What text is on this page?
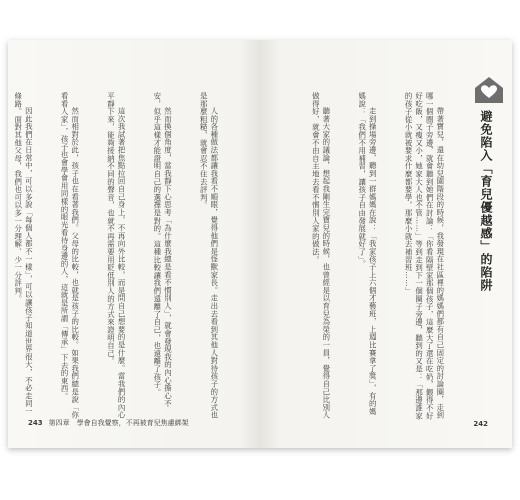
人的各種做法都讓我看不順眼，覺得他們是怪獸家長。走出去看到其他人對待孩子的方式也是那麼粗糙，就會忍不住去評判。

然而換個角度，當我靜下心思考「為什麼我總是看不慣別人」，就會發現我的內心擔心不安，似乎這樣才能證明自己的選擇是對的。這種比較讓我們遠離了自己，也遠離了孩子。

這次我試著把焦點拉回自己身上，不再向外比較，而是問自己想要的是什麼。當我們的內心平靜下來，能夠接納不同的聲音，也就不再需要用貶低別人的方式來證明自己。

然而相對於此，孩子也在看著我們。父母的比較，也就是孩子的比較。如果我們總是說「你看看人家」，孩子也會學會用同樣的眼光看待身邊的人，這就是所謂「傳承」下去的東西。

因此我們在日常中，可以多說「每個人都不一樣」，可以讓孩子知道世界很大，不必走同一條路。面對其他父母，我們也可以多一分理解、少一分評判。

243 第四章　學會自我覺察，不再被育兒焦慮綁架

帶著寶兒，還在幼兒園階段的時候，我發現在社區裡的媽媽們都有自己固定的討論圈，走到哪一個圈子旁邊，就會聽到她們在討論：「你看隔壁家那個孩子，這麼大了還在吃奶，餵得不好好吃飯，又瘦又小，她家大人也不管……」等到走到下一個圈子旁邊，聽到的又是：「那邊誰家的孩子從小就被要求什麼都要學，那麼小就去補習班……」

走到操場旁邊，聽到一群媽媽在說：「我家孩子上六個才藝班，上週比賽拿了獎」，有的媽媽說：「我們不用補習，讓孩子自由發展就好了」。

聽著大家的議論，想起我剛生完寶兒的時候，也曾經是以育兒為榮的一員，覺得自己比別人做得好，就會不由自主地去看不慣別人家的做法。

	避免陷入「育兒優越感」的陷阱
242
